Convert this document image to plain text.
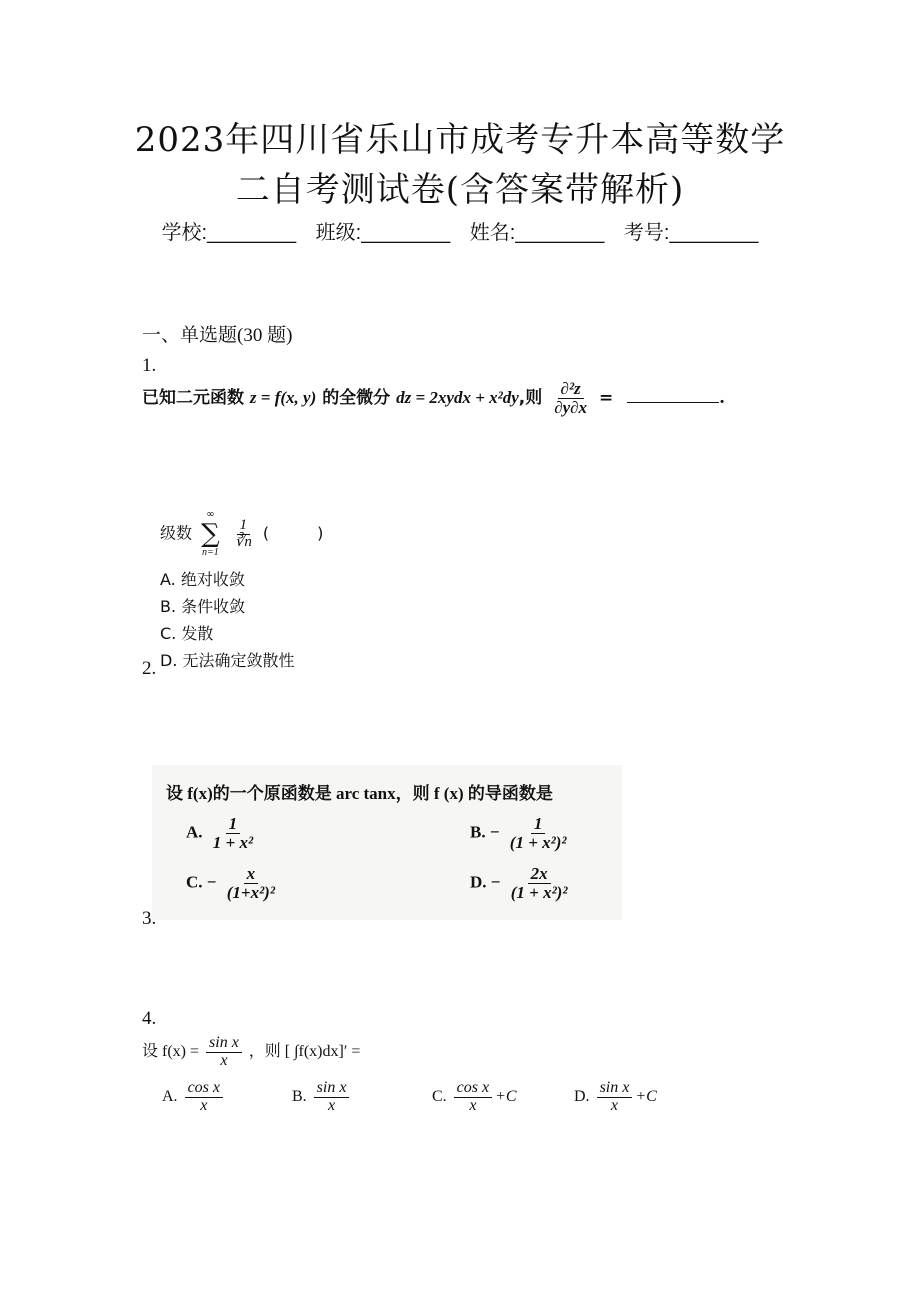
2023年四川省乐山市成考专升本高等数学
二自考测试卷(含答案带解析)
学校:________ 班级:________ 姓名:________ 考号:________
一、单选题(30 题)
1.
已知二元函数 z = f(x, y) 的全微分 dz = 2xydx + x²dy,则 $\frac{\text{∂²z}}{\partial y\partial x}$ =	.
级数
∞
∑
n=1

$\frac{1}{∛n}$ (　　　)
A. 绝对收敛
B. 条件收敛
C. 发散
D. 无法确定敛散性
2.
设 f(x)的一个原函数是 arc tanx，则 f (x) 的导函数是
A. $\frac{1}{\text{1 + x²}}$	B. − $\frac{1}{\text{(1 + x²)²}}$
C. − $\frac{x}{\text{(1+x²)²}}$	D. − $\frac{2x}{\text{(1 + x²)²}}$
3.
4.
设 $f(x) = \frac{\text{sin x}}{x}$ ，则 [ ∫f(x)dx]′ =
A. $\frac{\text{cos x}}{x}$	B. $\frac{\text{sin x}}{x}$	C. $\frac{\text{cos x}}{x} +C$	D. $\frac{\text{sin x}}{x} +C$
